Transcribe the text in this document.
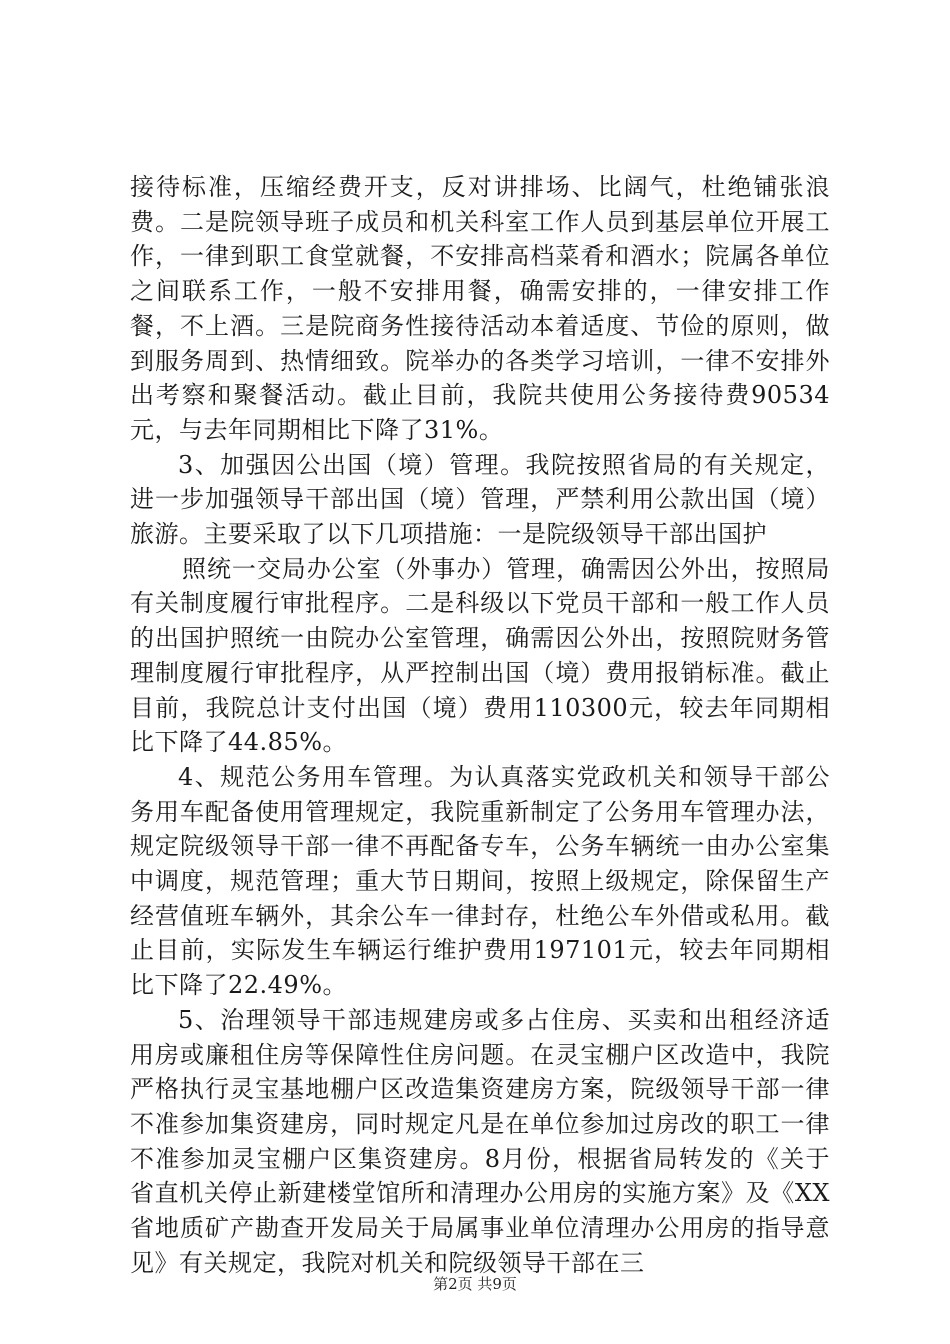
接待标准，压缩经费开支，反对讲排场、比阔气，杜绝铺张浪费。二是院领导班子成员和机关科室工作人员到基层单位开展工作，一律到职工食堂就餐，不安排高档菜肴和酒水；院属各单位之间联系工作，一般不安排用餐，确需安排的，一律安排工作餐，不上酒。三是院商务性接待活动本着适度、节俭的原则，做到服务周到、热情细致。院举办的各类学习培训，一律不安排外出考察和聚餐活动。截止目前，我院共使用公务接待费90534元，与去年同期相比下降了31%。

3、加强因公出国（境）管理。我院按照省局的有关规定，进一步加强领导干部出国（境）管理，严禁利用公款出国（境）旅游。主要采取了以下几项措施：一是院级领导干部出国护

照统一交局办公室（外事办）管理，确需因公外出，按照局有关制度履行审批程序。二是科级以下党员干部和一般工作人员的出国护照统一由院办公室管理，确需因公外出，按照院财务管理制度履行审批程序，从严控制出国（境）费用报销标准。截止目前，我院总计支付出国（境）费用110300元，较去年同期相比下降了44.85%。

4、规范公务用车管理。为认真落实党政机关和领导干部公务用车配备使用管理规定，我院重新制定了公务用车管理办法，规定院级领导干部一律不再配备专车，公务车辆统一由办公室集中调度，规范管理；重大节日期间，按照上级规定，除保留生产经营值班车辆外，其余公车一律封存，杜绝公车外借或私用。截止目前，实际发生车辆运行维护费用197101元，较去年同期相比下降了22.49%。

5、治理领导干部违规建房或多占住房、买卖和出租经济适用房或廉租住房等保障性住房问题。在灵宝棚户区改造中，我院严格执行灵宝基地棚户区改造集资建房方案，院级领导干部一律不准参加集资建房，同时规定凡是在单位参加过房改的职工一律不准参加灵宝棚户区集资建房。8月份，根据省局转发的《关于省直机关停止新建楼堂馆所和清理办公用房的实施方案》及《XX省地质矿产勘查开发局关于局属事业单位清理办公用房的指导意见》有关规定，我院对机关和院级领导干部在三

第2页 共9页
